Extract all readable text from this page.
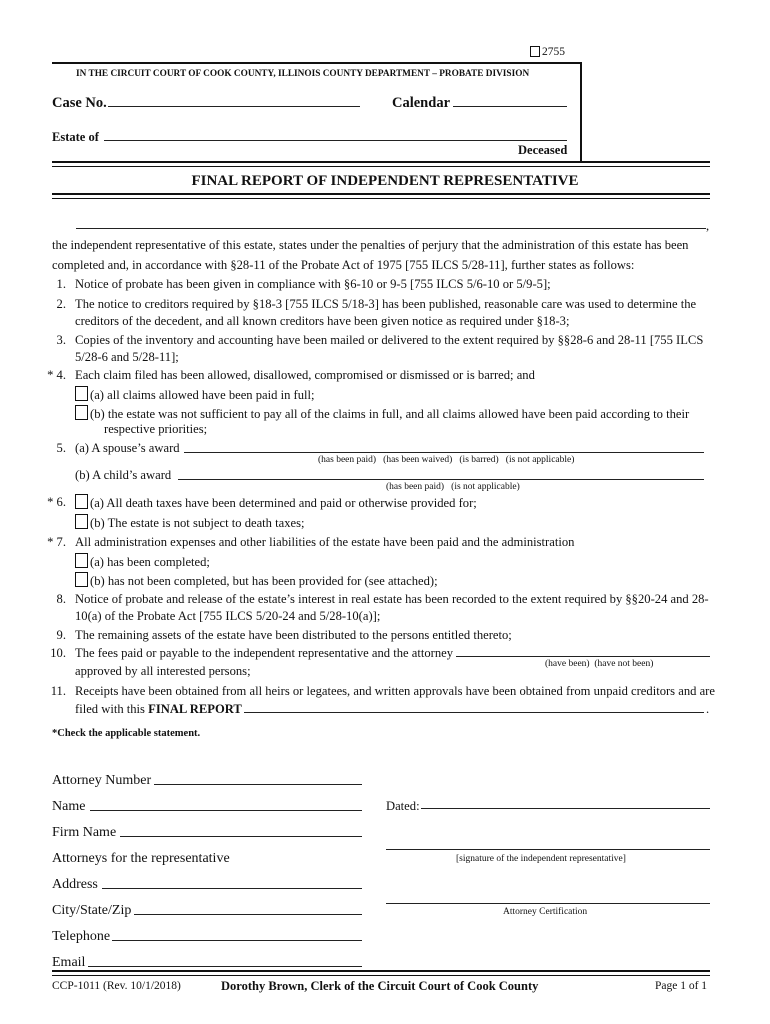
2755
IN THE CIRCUIT COURT OF COOK COUNTY, ILLINOIS COUNTY DEPARTMENT – PROBATE DIVISION
Case No.	Calendar
Estate of
Deceased
FINAL REPORT OF INDEPENDENT REPRESENTATIVE
,
the independent representative of this estate, states under the penalties of perjury that the administration of this estate has been
completed and, in accordance with §28-11 of the Probate Act of 1975 [755 ILCS 5/28-11], further states as follows:
1. Notice of probate has been given in compliance with §6-10 or 9-5 [755 ILCS 5/6-10 or 5/9-5];
2. The notice to creditors required by §18-3 [755 ILCS 5/18-3] has been published, reasonable care was used to determine the
creditors of the decedent, and all known creditors have been given notice as required under §18-3;
3. Copies of the inventory and accounting have been mailed or delivered to the extent required by §§28-6 and 28-11 [755 ILCS
5/28-6 and 5/28-11];
* 4. Each claim filed has been allowed, disallowed, compromised or dismissed or is barred; and
(a) all claims allowed have been paid in full;
(b) the estate was not sufficient to pay all of the claims in full, and all claims allowed have been paid according to their
respective priorities;
5. (a) A spouse’s award
(has been paid)   (has been waived)   (is barred)   (is not applicable)
(b) A child’s award
(has been paid)   (is not applicable)
* 6.	(a) All death taxes have been determined and paid or otherwise provided for;
(b) The estate is not subject to death taxes;
* 7. All administration expenses and other liabilities of the estate have been paid and the administration
(a) has been completed;
(b) has not been completed, but has been provided for (see attached);
8. Notice of probate and release of the estate’s interest in real estate has been recorded to the extent required by §§20-24 and 28-
10(a) of the Probate Act [755 ILCS 5/20-24 and 5/28-10(a)];
9. The remaining assets of the estate have been distributed to the persons entitled thereto;
10. The fees paid or payable to the independent representative and the attorney
(have been)  (have not been)
approved by all interested persons;
11. Receipts have been obtained from all heirs or legatees, and written approvals have been obtained from unpaid creditors and are
filed with this FINAL REPORT	.
*Check the applicable statement.
Attorney Number
Name
Firm Name
Attorneys for the representative
Address
City/State/Zip
Telephone
Email
Dated:
[signature of the independent representative]
Attorney Certification
CCP-1011 (Rev. 10/1/2018)	Dorothy Brown, Clerk of the Circuit Court of Cook County	Page 1 of 1
